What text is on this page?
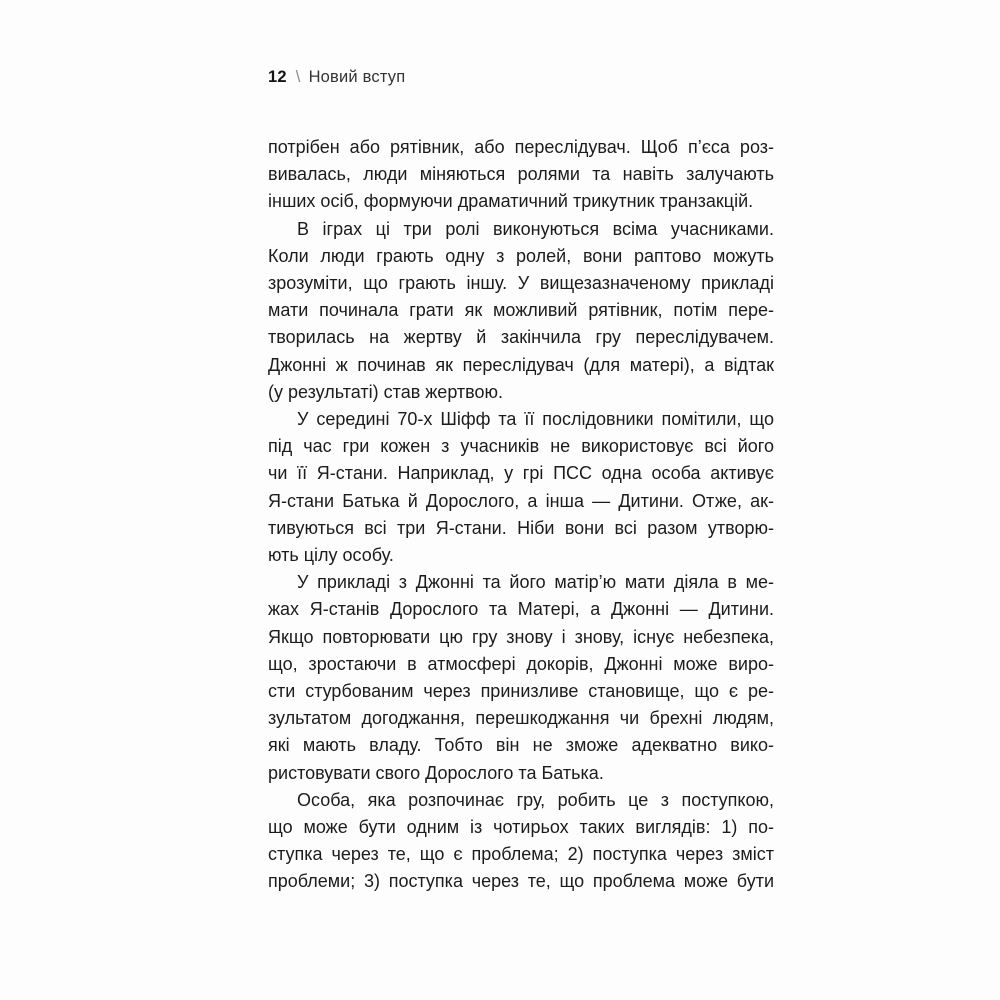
12 \ Новий вступ

потрібен або рятівник, або переслідувач. Щоб п’єса роз-
вивалась, люди міняються ролями та навіть залучають
інших осіб, формуючи драматичний трикутник транзакцій.

В іграх ці три ролі виконуються всіма учасниками.
Коли люди грають одну з ролей, вони раптово можуть
зрозуміти, що грають іншу. У вищезазначеному прикладі
мати починала грати як можливий рятівник, потім пере-
творилась на жертву й закінчила гру переслідувачем.
Джонні ж починав як переслідувач (для матері), а відтак
(у результаті) став жертвою.

У середині 70-х Шіфф та її послідовники помітили, що
під час гри кожен з учасників не використовує всі його
чи її Я-стани. Наприклад, у грі ПСС одна особа активує
Я-стани Батька й Дорослого, а інша — Дитини. Отже, ак-
тивуються всі три Я-стани. Ніби вони всі разом утворю-
ють цілу особу.

У прикладі з Джонні та його матір’ю мати діяла в ме-
жах Я-станів Дорослого та Матері, а Джонні — Дитини.
Якщо повторювати цю гру знову і знову, існує небезпека,
що, зростаючи в атмосфері докорів, Джонні може виро-
сти стурбованим через принизливе становище, що є ре-
зультатом догоджання, перешкоджання чи брехні людям,
які мають владу. Тобто він не зможе адекватно вико-
ристовувати свого Дорослого та Батька.

Особа, яка розпочинає гру, робить це з поступкою,
що може бути одним із чотирьох таких виглядів: 1) по-
ступка через те, що є проблема; 2) поступка через зміст
проблеми; 3) поступка через те, що проблема може бути
